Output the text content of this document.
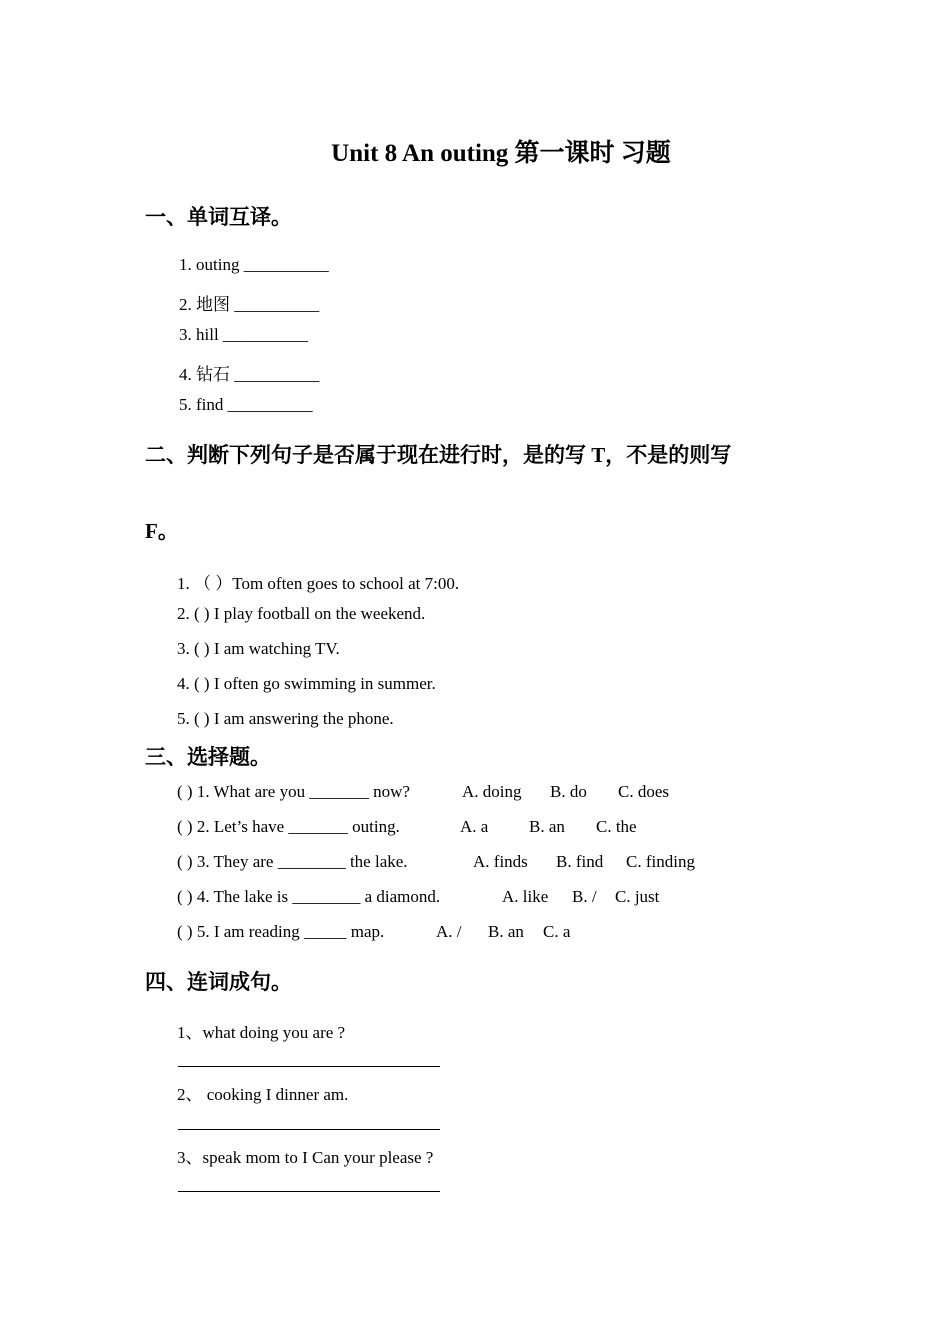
Unit 8 An outing 第一课时 习题
一、单词互译。
1. outing __________
2. 地图 __________
3. hill __________
4. 钻石 __________
5. find __________
二、判断下列句子是否属于现在进行时，是的写 T，不是的则写
F。
1. （ ）Tom often goes to school at 7:00.
2. ( ) I play football on the weekend.
3. ( ) I am watching TV.
4. ( ) I often go swimming in summer.
5. ( ) I am answering the phone.
三、选择题。
( ) 1. What are you _______ now?	A. doing B. do C. does
( ) 2. Let’s have _______ outing.	A. a B. an C. the
( ) 3. They are ________ the lake.	A. finds B. find C. finding
( ) 4. The lake is ________ a diamond.	A. like B. / C. just
( ) 5. I am reading _____ map.	A. / B. an C. a
四、连词成句。
1、what doing you are ?
2、 cooking I dinner am.
3、speak mom to I Can your please ?
